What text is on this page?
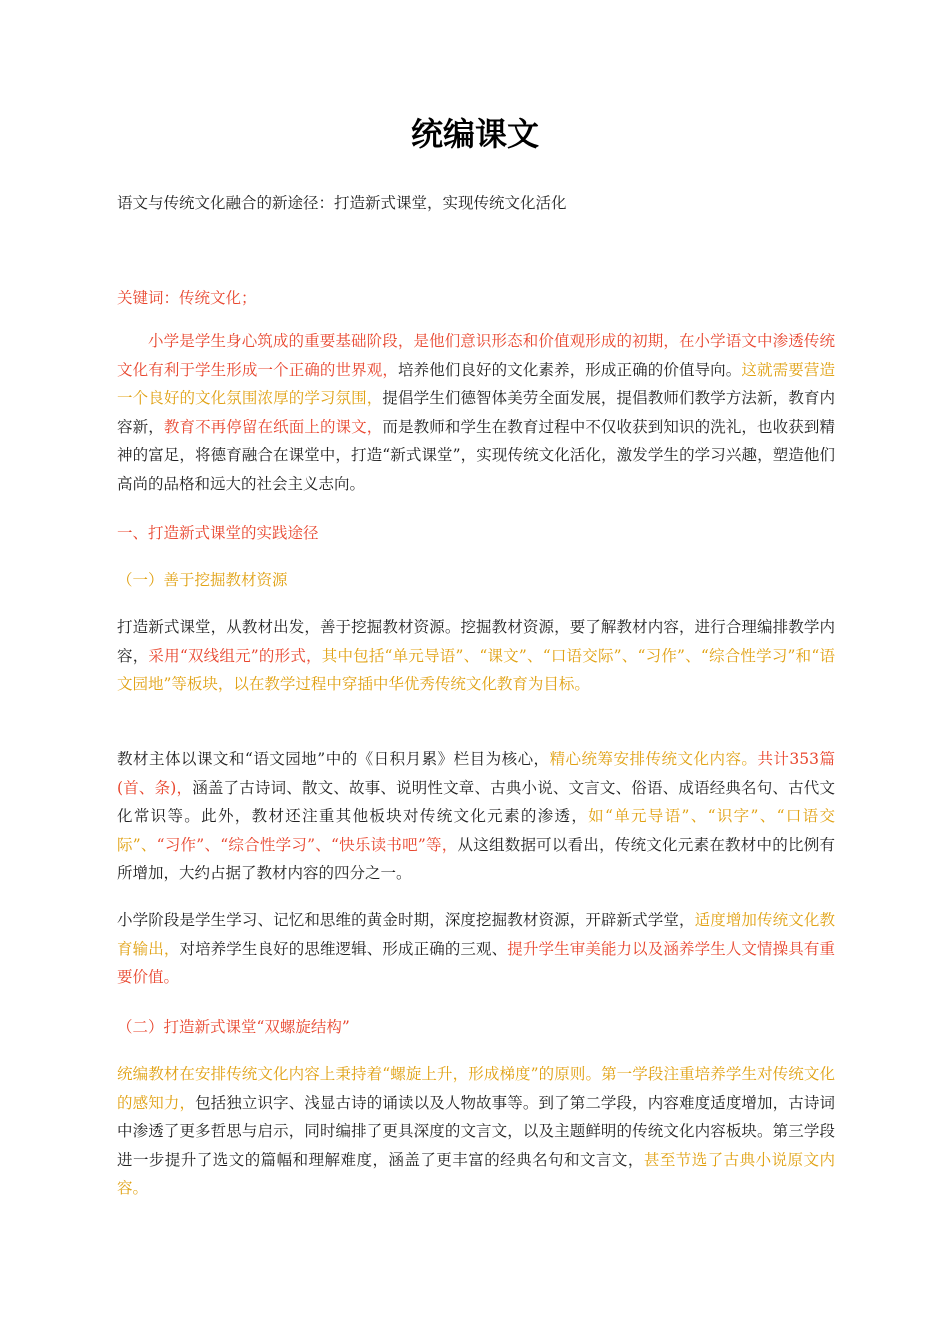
统编课文

语文与传统文化融合的新途径：打造新式课堂，实现传统文化活化

关键词：传统文化；

小学是学生身心筑成的重要基础阶段，是他们意识形态和价值观形成的初期，在小学语文中渗透传统文化有利于学生形成一个正确的世界观，培养他们良好的文化素养，形成正确的价值导向。这就需要营造一个良好的文化氛围浓厚的学习氛围，提倡学生们德智体美劳全面发展，提倡教师们教学方法新，教育内容新，教育不再停留在纸面上的课文，而是教师和学生在教育过程中不仅收获到知识的洗礼，也收获到精神的富足，将德育融合在课堂中，打造“新式课堂”，实现传统文化活化，激发学生的学习兴趣，塑造他们高尚的品格和远大的社会主义志向。

一、打造新式课堂的实践途径

（一）善于挖掘教材资源

打造新式课堂，从教材出发，善于挖掘教材资源。挖掘教材资源，要了解教材内容，进行合理编排教学内容，采用“双线组元”的形式，其中包括“单元导语”、“课文”、“口语交际”、“习作”、“综合性学习”和“语文园地”等板块，以在教学过程中穿插中华优秀传统文化教育为目标。

教材主体以课文和“语文园地”中的《日积月累》栏目为核心，精心统筹安排传统文化内容。共计353篇(首、条)，涵盖了古诗词、散文、故事、说明性文章、古典小说、文言文、俗语、成语经典名句、古代文化常识等。此外，教材还注重其他板块对传统文化元素的渗透，如“单元导语”、“识字”、“口语交际”、“习作”、“综合性学习”、“快乐读书吧”等，从这组数据可以看出，传统文化元素在教材中的比例有所增加，大约占据了教材内容的四分之一。

小学阶段是学生学习、记忆和思维的黄金时期，深度挖掘教材资源，开辟新式学堂，适度增加传统文化教育输出，对培养学生良好的思维逻辑、形成正确的三观、提升学生审美能力以及涵养学生人文情操具有重要价值。

（二）打造新式课堂“双螺旋结构”

统编教材在安排传统文化内容上秉持着“螺旋上升，形成梯度”的原则。第一学段注重培养学生对传统文化的感知力，包括独立识字、浅显古诗的诵读以及人物故事等。到了第二学段，内容难度适度增加，古诗词中渗透了更多哲思与启示，同时编排了更具深度的文言文，以及主题鲜明的传统文化内容板块。第三学段进一步提升了选文的篇幅和理解难度，涵盖了更丰富的经典名句和文言文，甚至节选了古典小说原文内容。
